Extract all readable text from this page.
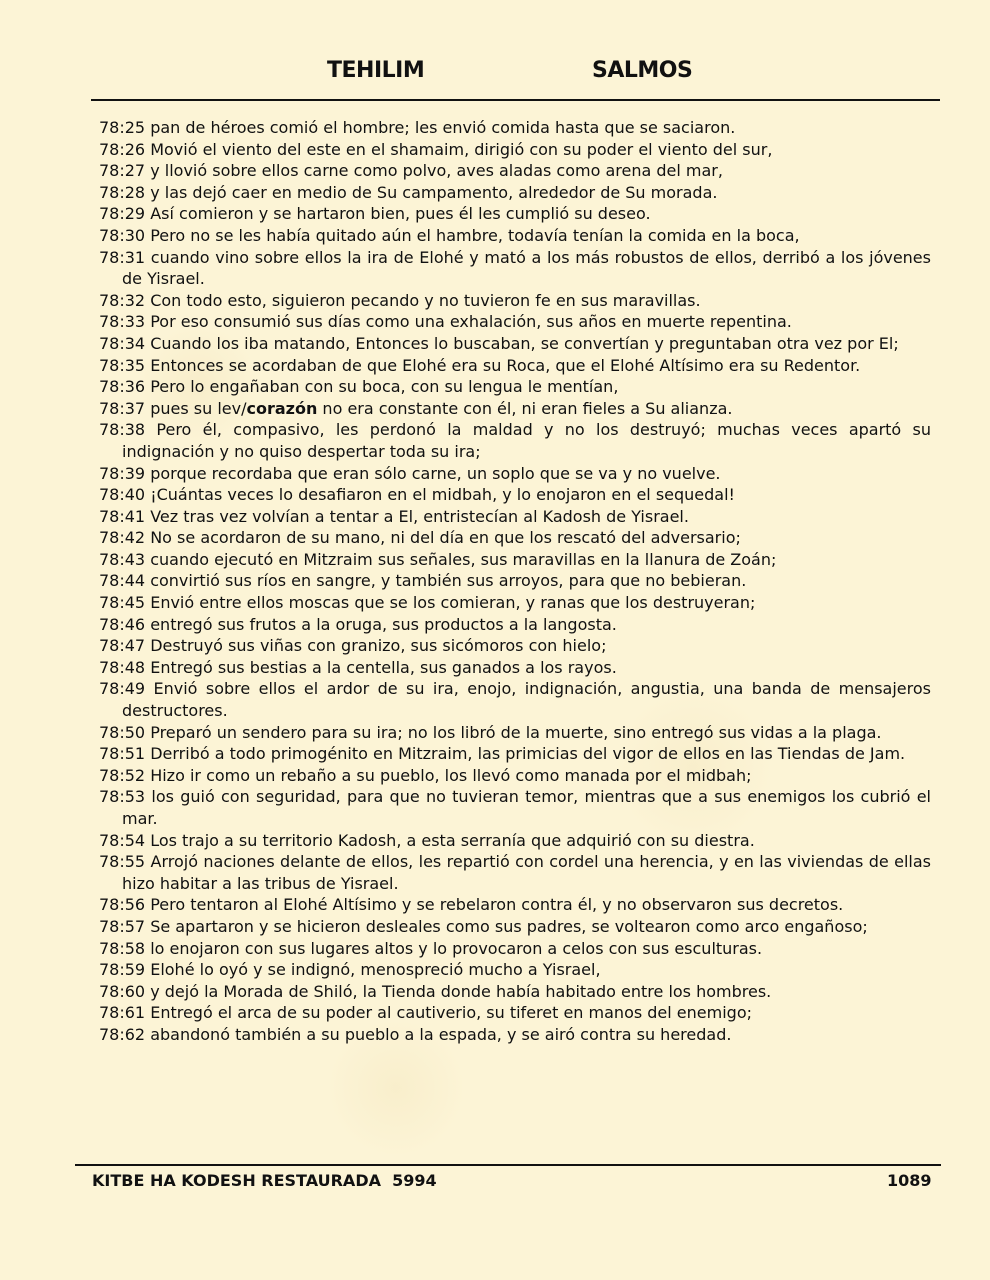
TEHILIM	SALMOS
78:25 pan de héroes comió el hombre; les envió comida hasta que se saciaron.
78:26 Movió el viento del este en el shamaim, dirigió con su poder el viento del sur,
78:27 y llovió sobre ellos carne como polvo, aves aladas como arena del mar,
78:28 y las dejó caer en medio de Su campamento, alrededor de Su morada.
78:29 Así comieron y se hartaron bien, pues él les cumplió su deseo.
78:30 Pero no se les había quitado aún el hambre, todavía tenían la comida en la boca,
78:31 cuando vino sobre ellos la ira de Elohé y mató a los más robustos de ellos, derribó a los jóvenes de Yisrael.
78:32 Con todo esto, siguieron pecando y no tuvieron fe en sus maravillas.
78:33 Por eso consumió sus días como una exhalación, sus años en muerte repentina.
78:34 Cuando los iba matando, Entonces lo buscaban, se convertían y preguntaban otra vez por El;
78:35 Entonces se acordaban de que Elohé era su Roca, que el Elohé Altísimo era su Redentor.
78:36 Pero lo engañaban con su boca, con su lengua le mentían,
78:37 pues su lev/corazón no era constante con él, ni eran fieles a Su alianza.
78:38 Pero él, compasivo, les perdonó la maldad y no los destruyó; muchas veces apartó su indignación y no quiso despertar toda su ira;
78:39 porque recordaba que eran sólo carne, un soplo que se va y no vuelve.
78:40 ¡Cuántas veces lo desafiaron en el midbah, y lo enojaron en el sequedal!
78:41 Vez tras vez volvían a tentar a El, entristecían al Kadosh de Yisrael.
78:42 No se acordaron de su mano, ni del día en que los rescató del adversario;
78:43 cuando ejecutó en Mitzraim sus señales, sus maravillas en la llanura de Zoán;
78:44 convirtió sus ríos en sangre, y también sus arroyos, para que no bebieran.
78:45 Envió entre ellos moscas que se los comieran, y ranas que los destruyeran;
78:46 entregó sus frutos a la oruga, sus productos a la langosta.
78:47 Destruyó sus viñas con granizo, sus sicómoros con hielo;
78:48 Entregó sus bestias a la centella, sus ganados a los rayos.
78:49 Envió sobre ellos el ardor de su ira, enojo, indignación, angustia, una banda de mensajeros destructores.
78:50 Preparó un sendero para su ira; no los libró de la muerte, sino entregó sus vidas a la plaga.
78:51 Derribó a todo primogénito en Mitzraim, las primicias del vigor de ellos en las Tiendas de Jam.
78:52 Hizo ir como un rebaño a su pueblo, los llevó como manada por el midbah;
78:53 los guió con seguridad, para que no tuvieran temor, mientras que a sus enemigos los cubrió el mar.
78:54 Los trajo a su territorio Kadosh, a esta serranía que adquirió con su diestra.
78:55 Arrojó naciones delante de ellos, les repartió con cordel una herencia, y en las viviendas de ellas hizo habitar a las tribus de Yisrael.
78:56 Pero tentaron al Elohé Altísimo y se rebelaron contra él, y no observaron sus decretos.
78:57 Se apartaron y se hicieron desleales como sus padres, se voltearon como arco engañoso;
78:58 lo enojaron con sus lugares altos y lo provocaron a celos con sus esculturas.
78:59 Elohé lo oyó y se indignó, menospreció mucho a Yisrael,
78:60 y dejó la Morada de Shiló, la Tienda donde había habitado entre los hombres.
78:61 Entregó el arca de su poder al cautiverio, su tiferet en manos del enemigo;
78:62 abandonó también a su pueblo a la espada, y se airó contra su heredad.
KITBE HA KODESH RESTAURADA  5994	1089
